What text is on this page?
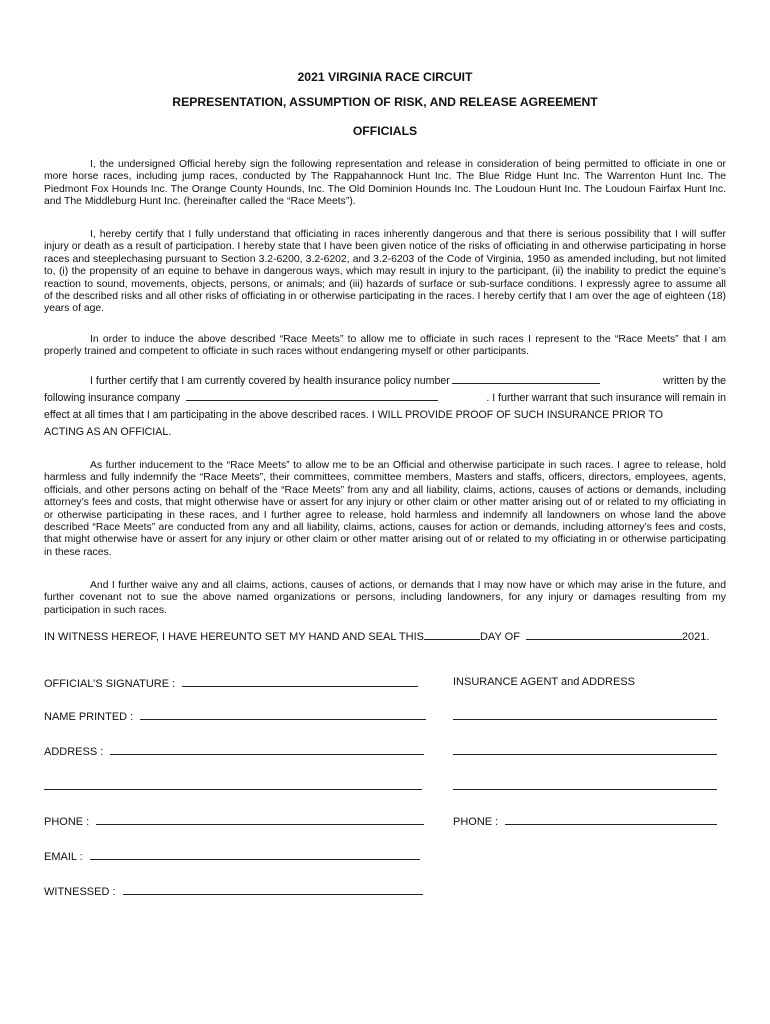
2021 VIRGINIA RACE CIRCUIT
REPRESENTATION, ASSUMPTION OF RISK, AND RELEASE AGREEMENT
OFFICIALS
I, the undersigned Official hereby sign the following representation and release in consideration of being permitted to officiate in one or more horse races, including jump races, conducted by The Rappahannock Hunt Inc. The Blue Ridge Hunt Inc. The Warrenton Hunt Inc. The Piedmont Fox Hounds Inc. The Orange County Hounds, Inc. The Old Dominion Hounds Inc. The Loudoun Hunt Inc. The Loudoun Fairfax Hunt Inc. and The Middleburg Hunt Inc. (hereinafter called the “Race Meets”).
I, hereby certify that I fully understand that officiating in races inherently dangerous and that there is serious possibility that I will suffer injury or death as a result of participation. I hereby state that I have been given notice of the risks of officiating in and otherwise participating in horse races and steeplechasing pursuant to Section 3.2-6200, 3.2-6202, and 3.2-6203 of the Code of Virginia, 1950 as amended including, but not limited to, (i) the propensity of an equine to behave in dangerous ways, which may result in injury to the participant, (ii) the inability to predict the equine’s reaction to sound, movements, objects, persons, or animals; and (iii) hazards of surface or sub-surface conditions. I expressly agree to assume all of the described risks and all other risks of officiating in or otherwise participating in the races. I hereby certify that I am over the age of eighteen (18) years of age.
In order to induce the above described “Race Meets” to allow me to officiate in such races I represent to the “Race Meets” that I am properly trained and competent to officiate in such races without endangering myself or other participants.
I further certify that I am currently covered by health insurance policy number	written by the
following insurance company	. I further warrant that such insurance will remain in
effect at all times that I am participating in the above described races. I WILL PROVIDE PROOF OF SUCH INSURANCE PRIOR TO
ACTING AS AN OFFICIAL.
As further inducement to the “Race Meets” to allow me to be an Official and otherwise participate in such races. I agree to release, hold harmless and fully indemnify the “Race Meets”, their committees, committee members, Masters and staffs, officers, directors, employees, agents, officials, and other persons acting on behalf of the “Race Meets” from any and all liability, claims, actions, causes of actions or demands, including attorney’s fees and costs, that might otherwise have or assert for any injury or other claim or other matter arising out of or related to my officiating in or otherwise participating in these races, and I further agree to release, hold harmless and indemnify all landowners on whose land the above described “Race Meets” are conducted from any and all liability, claims, actions, causes for action or demands, including attorney’s fees and costs, that might otherwise have or assert for any injury or other claim or other matter arising out of or related to my officiating in or otherwise participating in these races.
And I further waive any and all claims, actions, causes of actions, or demands that I may now have or which may arise in the future, and further covenant not to sue the above named organizations or persons, including landowners, for any injury or damages resulting from my participation in such races.
IN WITNESS HEREOF, I HAVE HEREUNTO SET MY HAND AND SEAL THIS	DAY OF	2021.
OFFICIAL’S SIGNATURE :	INSURANCE AGENT and ADDRESS
NAME PRINTED :
ADDRESS :
PHONE :	PHONE :
EMAIL :
WITNESSED :
